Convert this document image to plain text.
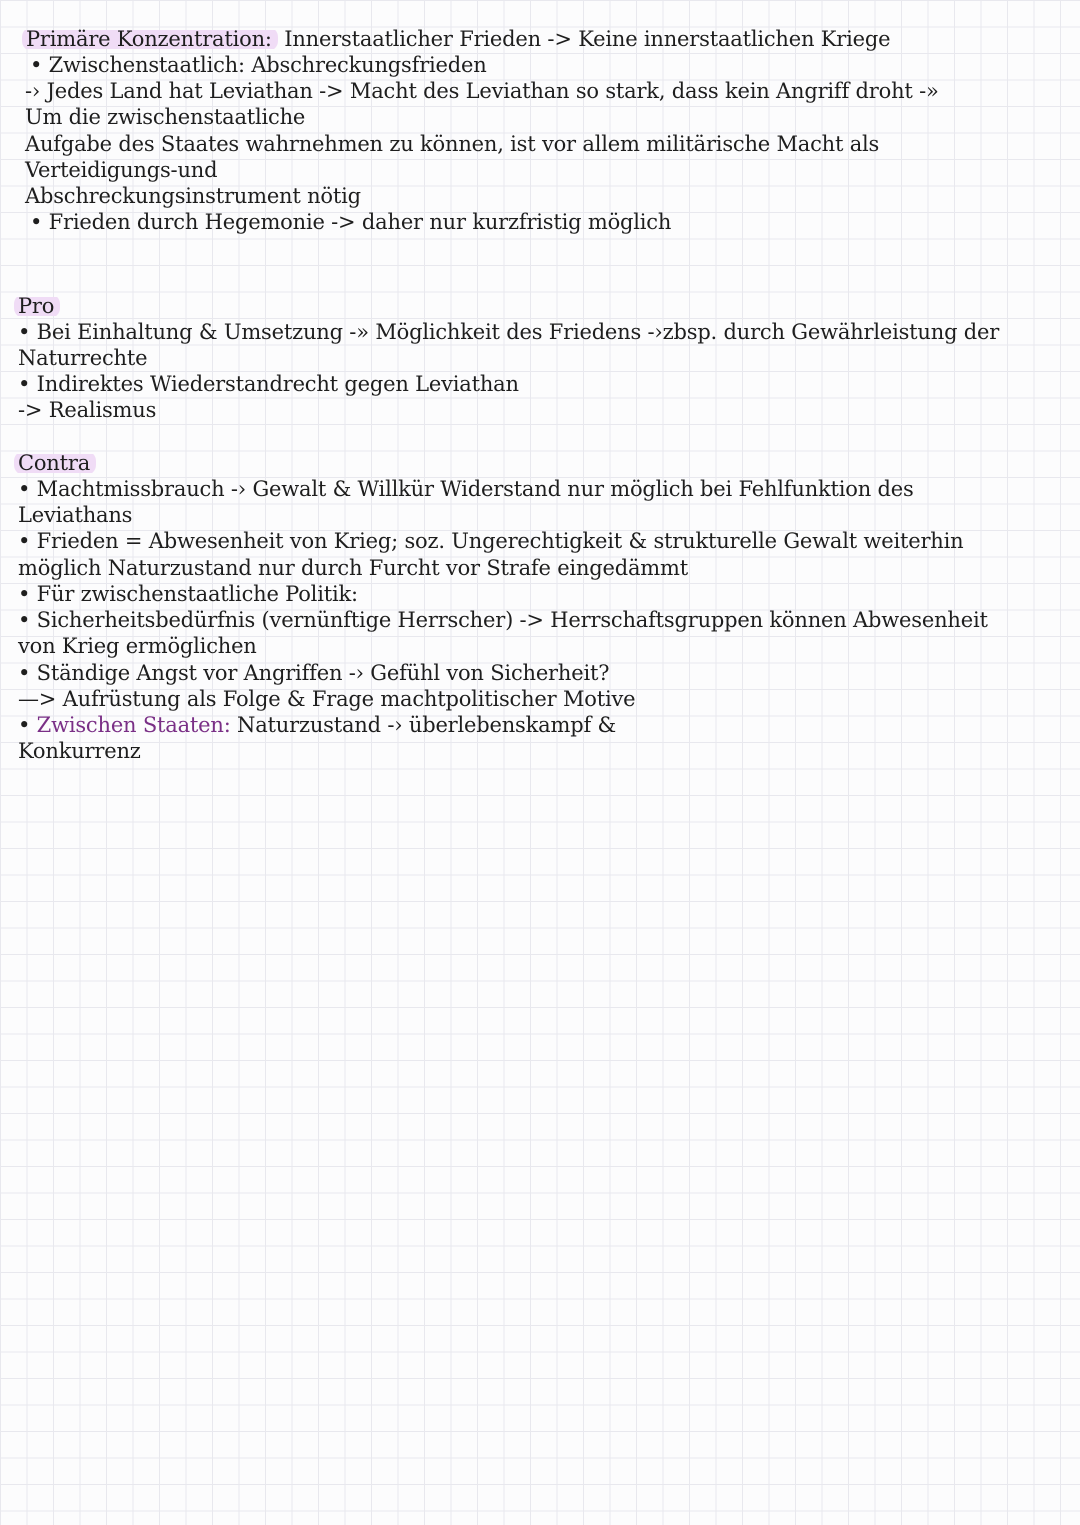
Primäre Konzentration: Innerstaatlicher Frieden -> Keine innerstaatlichen Kriege
• Zwischenstaatlich: Abschreckungsfrieden
-› Jedes Land hat Leviathan -> Macht des Leviathan so stark, dass kein Angriff droht -»
Um die zwischenstaatliche
Aufgabe des Staates wahrnehmen zu können, ist vor allem militärische Macht als
Verteidigungs-und
Abschreckungsinstrument nötig
• Frieden durch Hegemonie -> daher nur kurzfristig möglich
Pro
• Bei Einhaltung & Umsetzung -» Möglichkeit des Friedens -›zbsp. durch Gewährleistung der
Naturrechte
• Indirektes Wiederstandrecht gegen Leviathan
-> Realismus
Contra
• Machtmissbrauch -› Gewalt & Willkür Widerstand nur möglich bei Fehlfunktion des
Leviathans
• Frieden = Abwesenheit von Krieg; soz. Ungerechtigkeit & strukturelle Gewalt weiterhin
möglich Naturzustand nur durch Furcht vor Strafe eingedämmt
• Für zwischenstaatliche Politik:
• Sicherheitsbedürfnis (vernünftige Herrscher) -> Herrschaftsgruppen können Abwesenheit
von Krieg ermöglichen
• Ständige Angst vor Angriffen -› Gefühl von Sicherheit?
—> Aufrüstung als Folge & Frage machtpolitischer Motive
• Zwischen Staaten: Naturzustand -› überlebenskampf &
Konkurrenz
